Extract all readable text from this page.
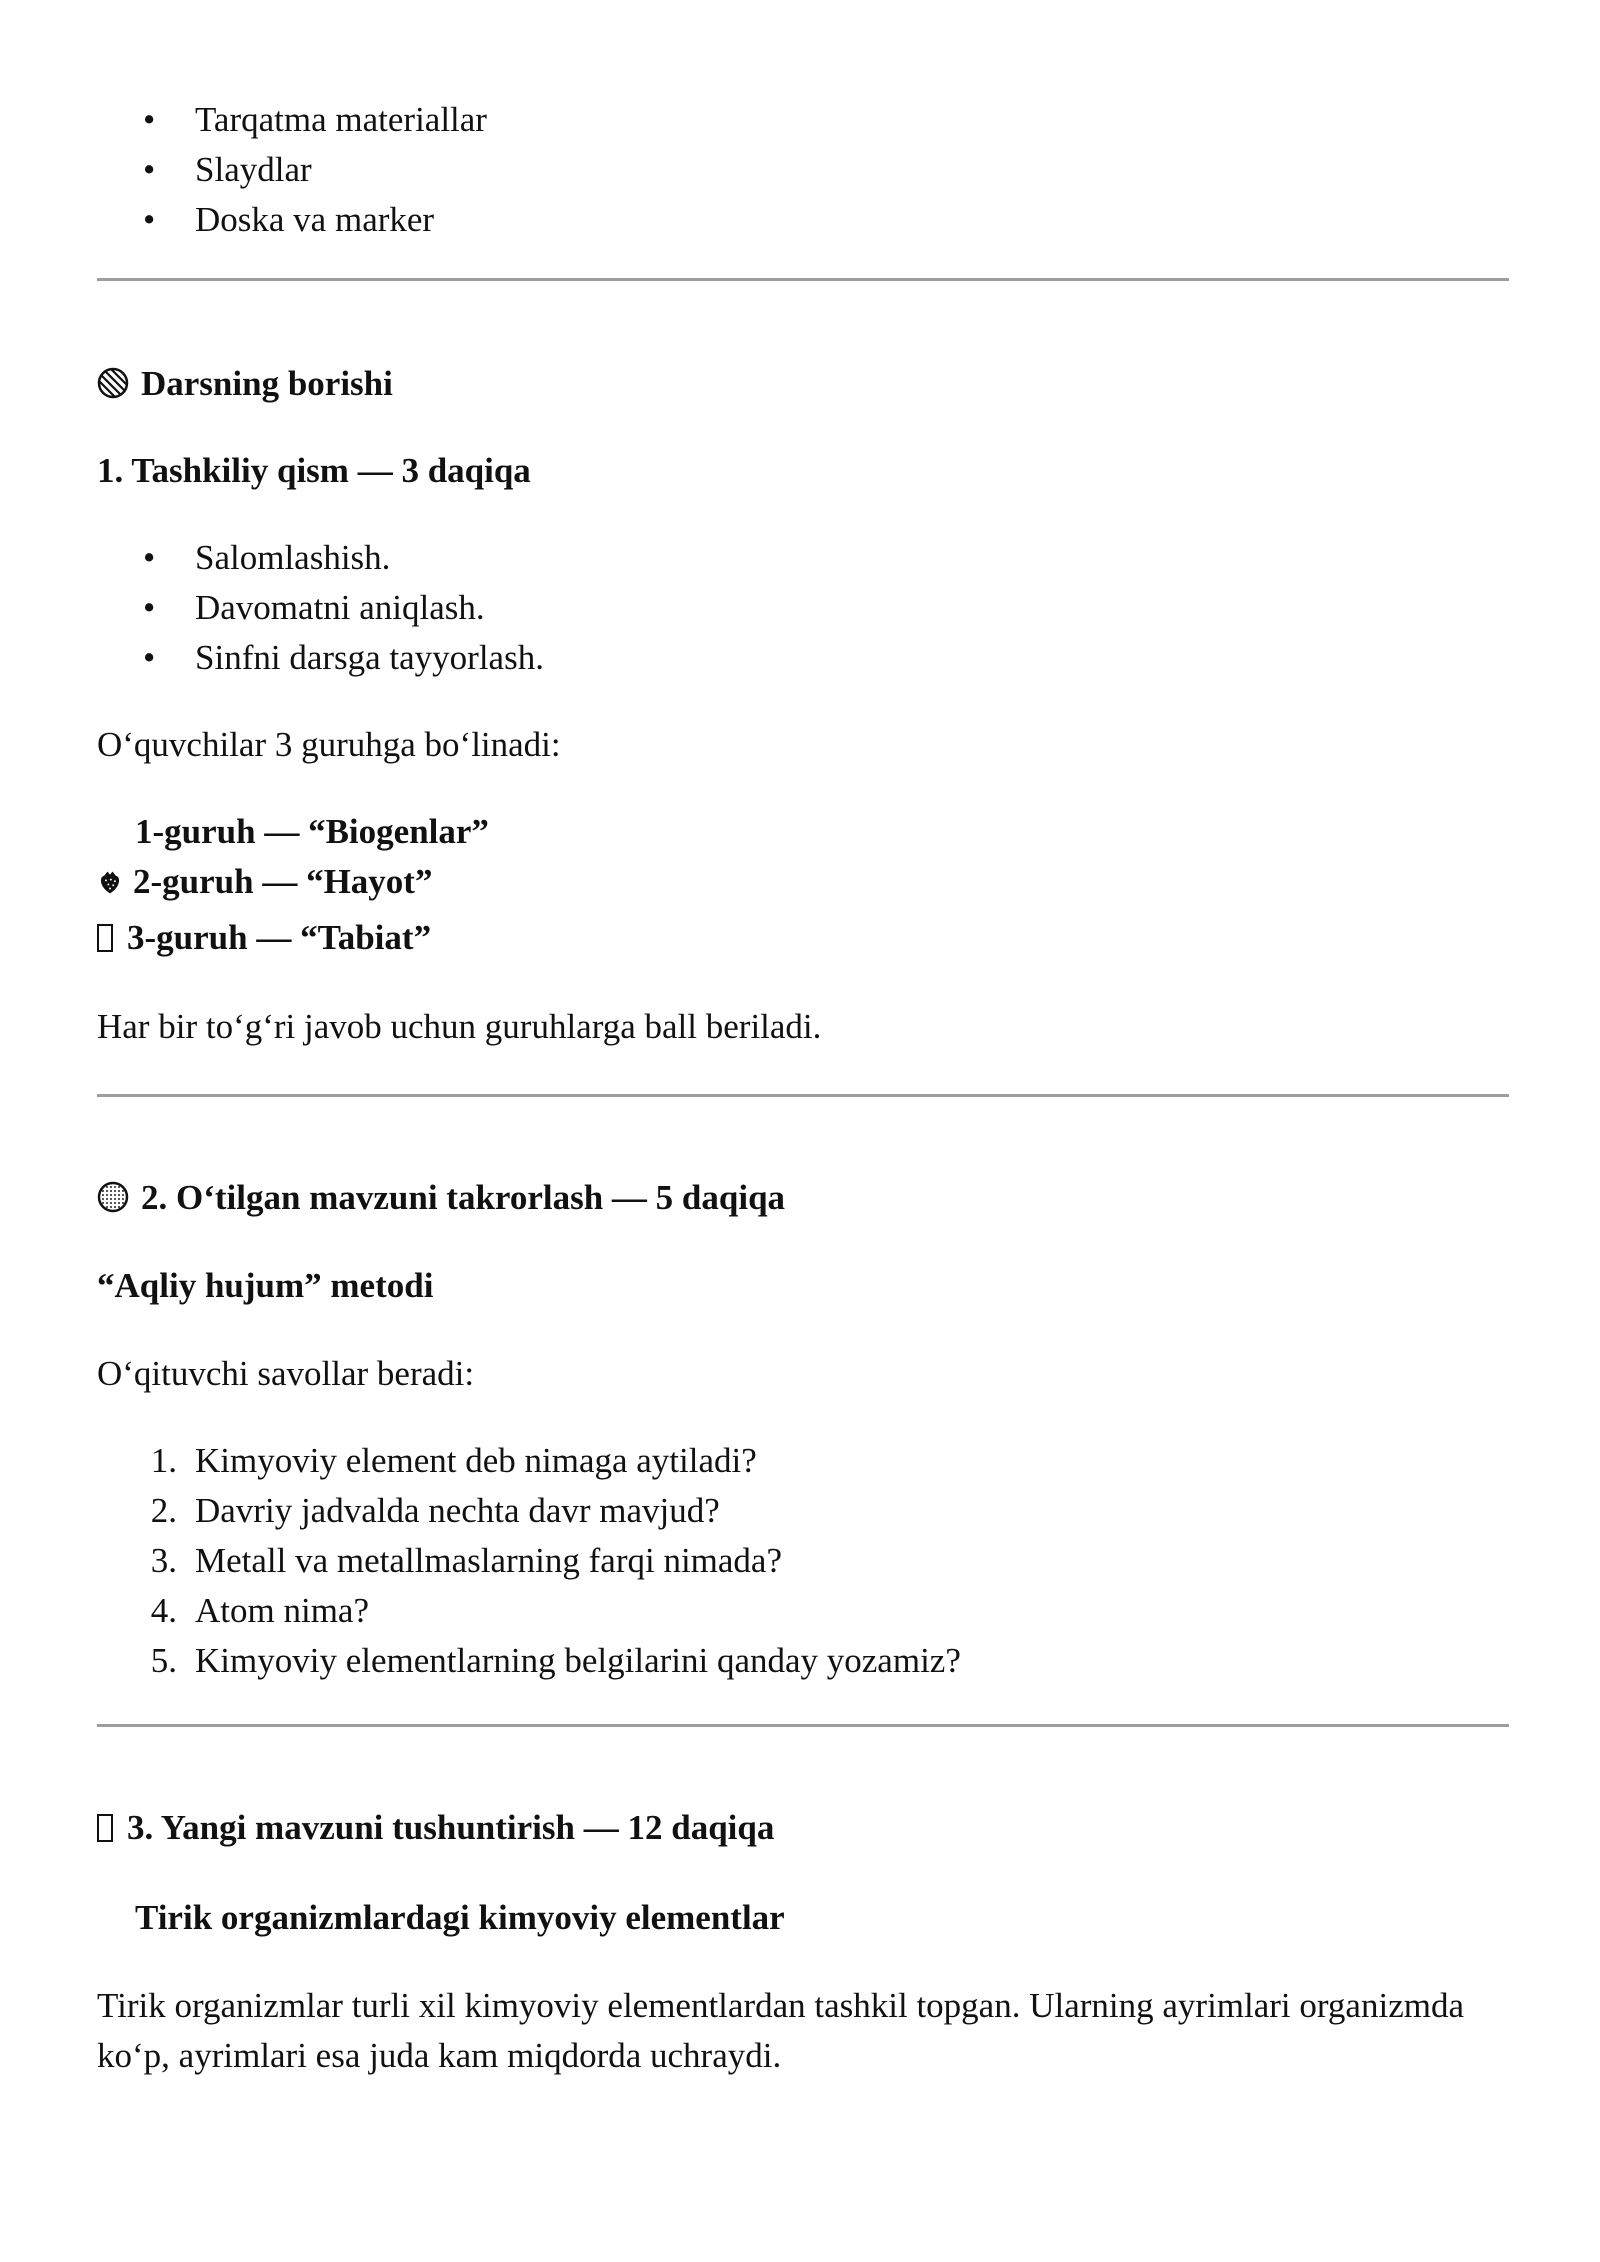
• Tarqatma materiallar
• Slaydlar
• Doska va marker

Darsning borishi

1. Tashkiliy qism — 3 daqiqa

• Salomlashish.
• Davomatni aniqlash.
• Sinfni darsga tayyorlash.

O‘quvchilar 3 guruhga bo‘linadi:

1-guruh — “Biogenlar”
2-guruh — “Hayot”
3-guruh — “Tabiat”

Har bir to‘g‘ri javob uchun guruhlarga ball beriladi.

2. O‘tilgan mavzuni takrorlash — 5 daqiqa

“Aqliy hujum” metodi

O‘qituvchi savollar beradi:

1. Kimyoviy element deb nimaga aytiladi?
2. Davriy jadvalda nechta davr mavjud?
3. Metall va metallmaslarning farqi nimada?
4. Atom nima?
5. Kimyoviy elementlarning belgilarini qanday yozamiz?

3. Yangi mavzuni tushuntirish — 12 daqiqa

Tirik organizmlardagi kimyoviy elementlar

Tirik organizmlar turli xil kimyoviy elementlardan tashkil topgan. Ularning ayrimlari organizmda ko‘p, ayrimlari esa juda kam miqdorda uchraydi.
